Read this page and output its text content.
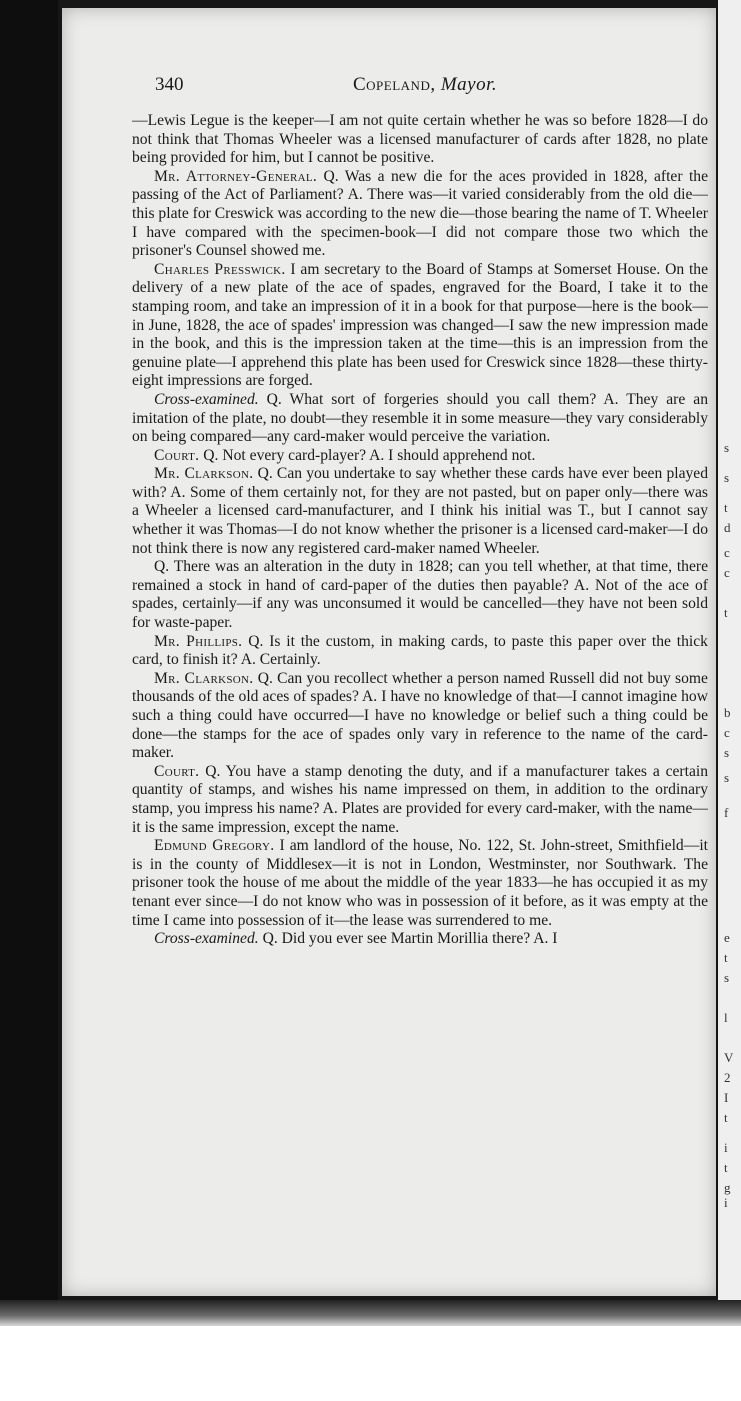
s
s
t
d
c
c
t
b
c
s
s
f
e
t
s
l
V
2
I
t
i
t
g
i
340	Copeland, Mayor.

—Lewis Legue is the keeper—I am not quite certain whether he was so before 1828—I do not think that Thomas Wheeler was a licensed manufacturer of cards after 1828, no plate being provided for him, but I cannot be positive.

Mr. Attorney-General. Q. Was a new die for the aces provided in 1828, after the passing of the Act of Parliament? A. There was—it varied considerably from the old die—this plate for Creswick was according to the new die—those bearing the name of T. Wheeler I have compared with the specimen-book—I did not compare those two which the prisoner's Counsel showed me.

Charles Presswick. I am secretary to the Board of Stamps at Somerset House. On the delivery of a new plate of the ace of spades, engraved for the Board, I take it to the stamping room, and take an impression of it in a book for that purpose—here is the book—in June, 1828, the ace of spades' impression was changed—I saw the new impression made in the book, and this is the impression taken at the time—this is an impression from the genuine plate—I apprehend this plate has been used for Creswick since 1828—these thirty-eight impressions are forged.

Cross-examined. Q. What sort of forgeries should you call them? A. They are an imitation of the plate, no doubt—they resemble it in some measure—they vary considerably on being compared—any card-maker would perceive the variation.

Court. Q. Not every card-player? A. I should apprehend not.

Mr. Clarkson. Q. Can you undertake to say whether these cards have ever been played with? A. Some of them certainly not, for they are not pasted, but on paper only—there was a Wheeler a licensed card-manufacturer, and I think his initial was T., but I cannot say whether it was Thomas—I do not know whether the prisoner is a licensed card-maker—I do not think there is now any registered card-maker named Wheeler.

Q. There was an alteration in the duty in 1828; can you tell whether, at that time, there remained a stock in hand of card-paper of the duties then payable? A. Not of the ace of spades, certainly—if any was unconsumed it would be cancelled—they have not been sold for waste-paper.

Mr. Phillips. Q. Is it the custom, in making cards, to paste this paper over the thick card, to finish it? A. Certainly.

Mr. Clarkson. Q. Can you recollect whether a person named Russell did not buy some thousands of the old aces of spades? A. I have no knowledge of that—I cannot imagine how such a thing could have occurred—I have no knowledge or belief such a thing could be done—the stamps for the ace of spades only vary in reference to the name of the card-maker.

Court. Q. You have a stamp denoting the duty, and if a manufacturer takes a certain quantity of stamps, and wishes his name impressed on them, in addition to the ordinary stamp, you impress his name? A. Plates are provided for every card-maker, with the name—it is the same impression, except the name.

Edmund Gregory. I am landlord of the house, No. 122, St. John-street, Smithfield—it is in the county of Middlesex—it is not in London, Westminster, nor Southwark. The prisoner took the house of me about the middle of the year 1833—he has occupied it as my tenant ever since—I do not know who was in possession of it before, as it was empty at the time I came into possession of it—the lease was surrendered to me.

Cross-examined. Q. Did you ever see Martin Morillia there? A. I
